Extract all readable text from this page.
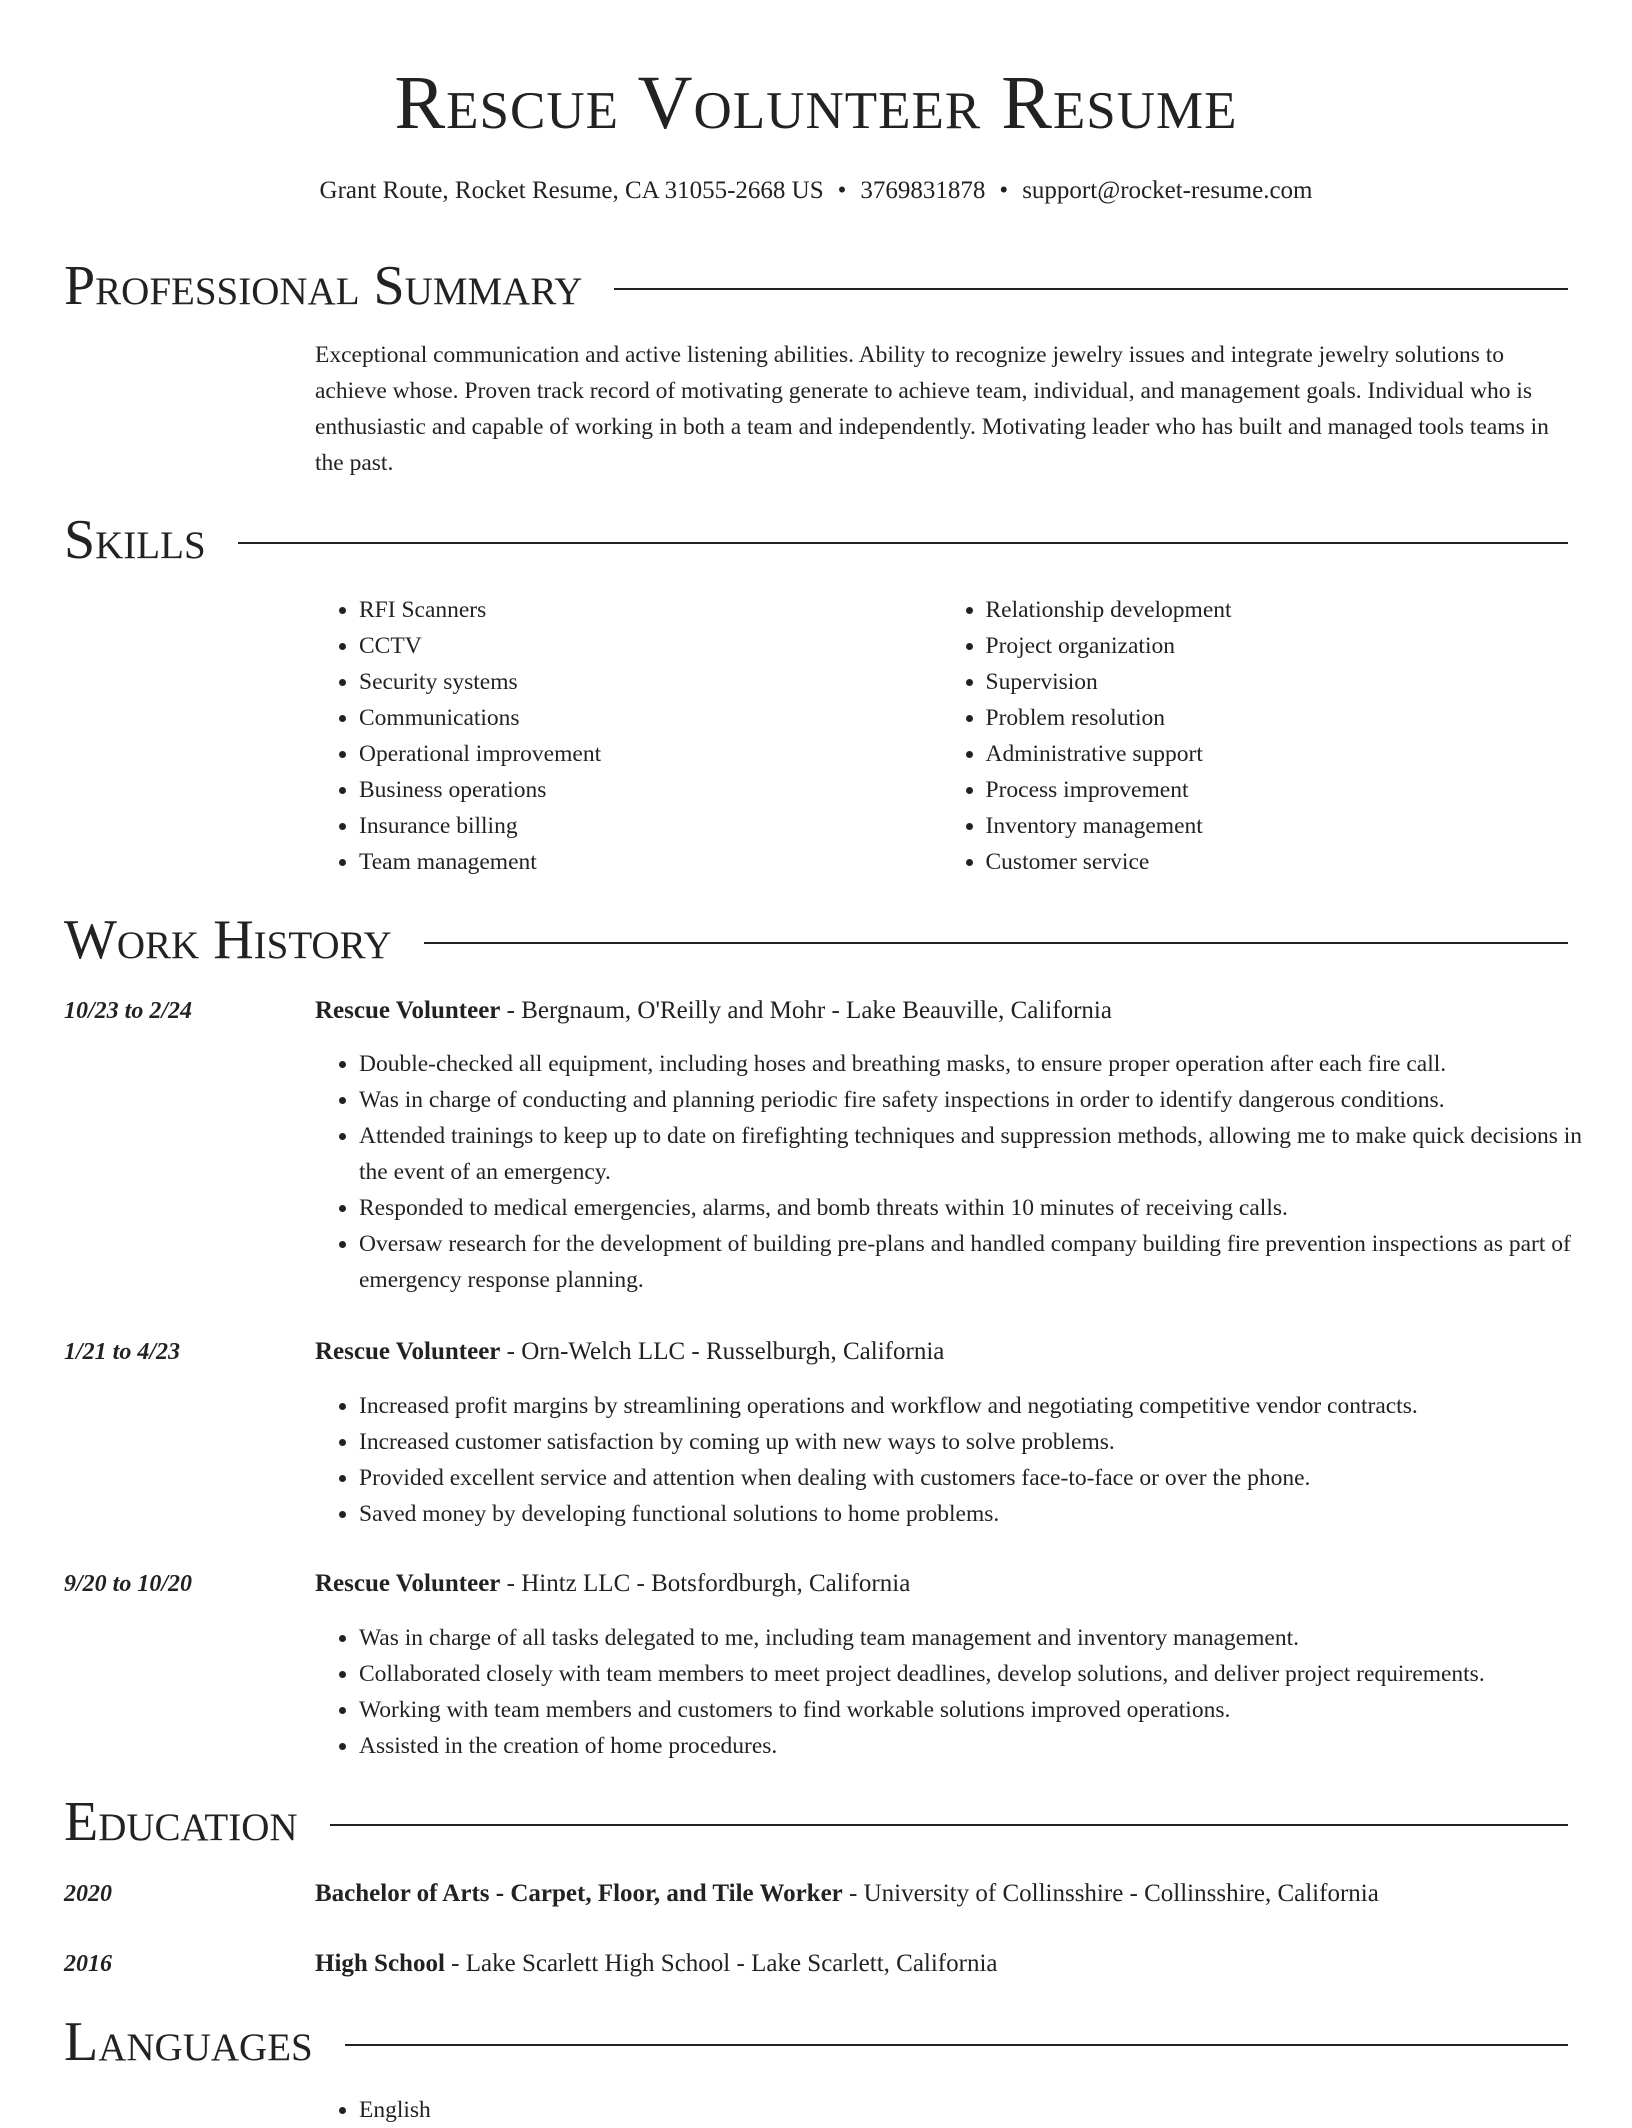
Rescue Volunteer Resume
Grant Route, Rocket Resume, CA 31055-2668 US • 3769831878 • support@rocket-resume.com
Professional Summary
Exceptional communication and active listening abilities. Ability to recognize jewelry issues and integrate jewelry solutions to achieve whose. Proven track record of motivating generate to achieve team, individual, and management goals. Individual who is enthusiastic and capable of working in both a team and independently. Motivating leader who has built and managed tools teams in the past.
Skills
• RFI Scanners
• CCTV
• Security systems
• Communications
• Operational improvement
• Business operations
• Insurance billing
• Team management
• Relationship development
• Project organization
• Supervision
• Problem resolution
• Administrative support
• Process improvement
• Inventory management
• Customer service
Work History
10/23 to 2/24	Rescue Volunteer - Bergnaum, O'Reilly and Mohr - Lake Beauville, California
• Double-checked all equipment, including hoses and breathing masks, to ensure proper operation after each fire call.
• Was in charge of conducting and planning periodic fire safety inspections in order to identify dangerous conditions.
• Attended trainings to keep up to date on firefighting techniques and suppression methods, allowing me to make quick decisions in the event of an emergency.
• Responded to medical emergencies, alarms, and bomb threats within 10 minutes of receiving calls.
• Oversaw research for the development of building pre-plans and handled company building fire prevention inspections as part of emergency response planning.
1/21 to 4/23	Rescue Volunteer - Orn-Welch LLC - Russelburgh, California
• Increased profit margins by streamlining operations and workflow and negotiating competitive vendor contracts.
• Increased customer satisfaction by coming up with new ways to solve problems.
• Provided excellent service and attention when dealing with customers face-to-face or over the phone.
• Saved money by developing functional solutions to home problems.
9/20 to 10/20	Rescue Volunteer - Hintz LLC - Botsfordburgh, California
• Was in charge of all tasks delegated to me, including team management and inventory management.
• Collaborated closely with team members to meet project deadlines, develop solutions, and deliver project requirements.
• Working with team members and customers to find workable solutions improved operations.
• Assisted in the creation of home procedures.
Education
2020	Bachelor of Arts - Carpet, Floor, and Tile Worker - University of Collinsshire - Collinsshire, California
2016	High School - Lake Scarlett High School - Lake Scarlett, California
Languages
• English
